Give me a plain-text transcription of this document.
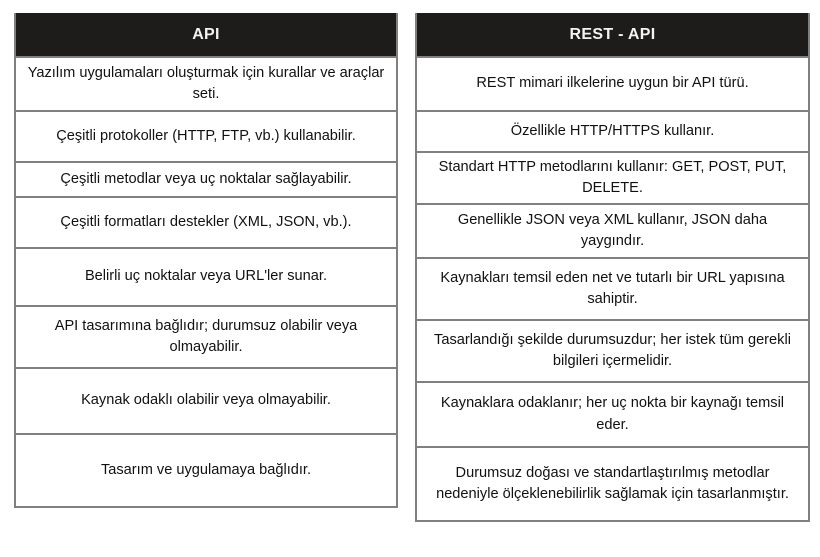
API
Yazılım uygulamaları oluşturmak için kurallar ve araçlar seti.
Çeşitli protokoller (HTTP, FTP, vb.) kullanabilir.
Çeşitli metodlar veya uç noktalar sağlayabilir.
Çeşitli formatları destekler (XML, JSON, vb.).
Belirli uç noktalar veya URL'ler sunar.
API tasarımına bağlıdır; durumsuz olabilir veya olmayabilir.
Kaynak odaklı olabilir veya olmayabilir.
Tasarım ve uygulamaya bağlıdır.
REST - API
REST mimari ilkelerine uygun bir API türü.
Özellikle HTTP/HTTPS kullanır.
Standart HTTP metodlarını kullanır: GET, POST, PUT, DELETE.
Genellikle JSON veya XML kullanır, JSON daha yaygındır.
Kaynakları temsil eden net ve tutarlı bir URL yapısına sahiptir.
Tasarlandığı şekilde durumsuzdur; her istek tüm gerekli bilgileri içermelidir.
Kaynaklara odaklanır; her uç nokta bir kaynağı temsil eder.
Durumsuz doğası ve standartlaştırılmış metodlar nedeniyle ölçeklenebilirlik sağlamak için tasarlanmıştır.
